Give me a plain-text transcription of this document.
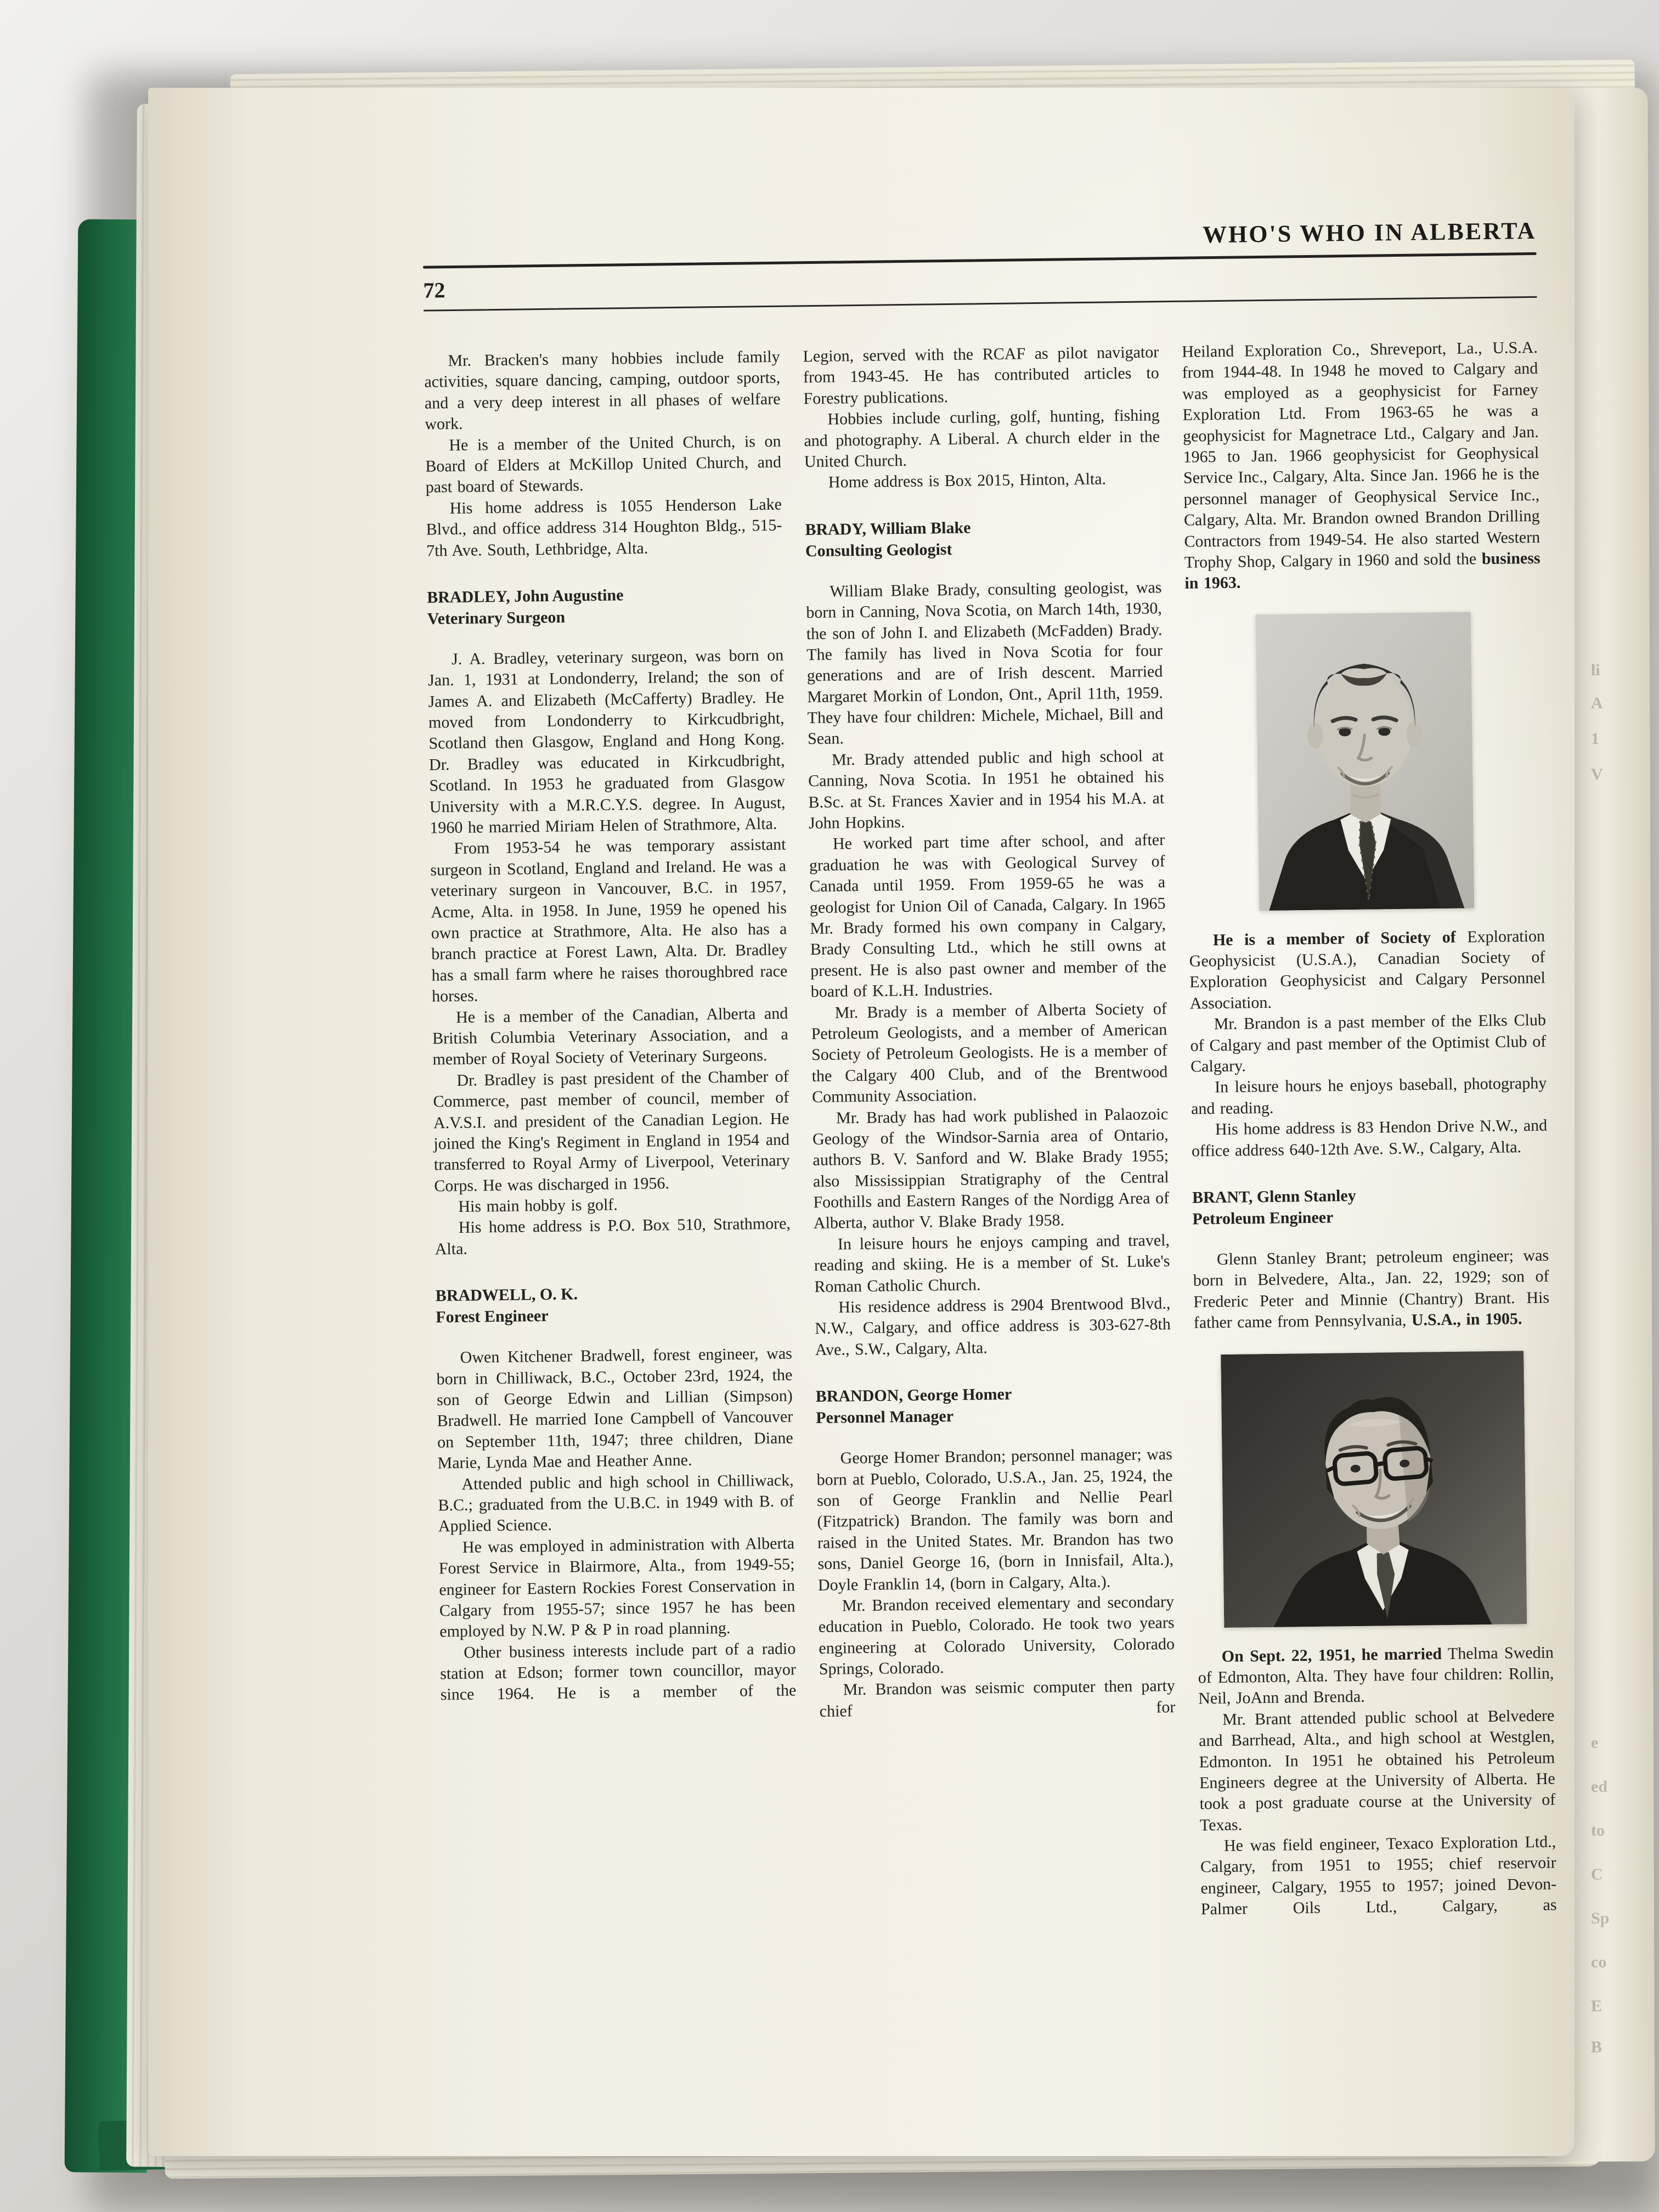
WHO'S WHO IN ALBERTA
72

Mr. Bracken's many hobbies include family activities, square dancing, camping, outdoor sports, and a very deep interest in all phases of welfare work.

He is a member of the United Church, is on Board of Elders at McKillop United Church, and past board of Stewards.

His home address is 1055 Henderson Lake Blvd., and office address 314 Houghton Bldg., 515-7th Ave. South, Lethbridge, Alta.

BRADLEY, John Augustine
Veterinary Surgeon

J. A. Bradley, veterinary surgeon, was born on Jan. 1, 1931 at Londonderry, Ireland; the son of James A. and Elizabeth (McCafferty) Bradley. He moved from Londonderry to Kirkcudbright, Scotland then Glasgow, England and Hong Kong. Dr. Bradley was educated in Kirkcudbright, Scotland. In 1953 he graduated from Glasgow University with a M.R.C.Y.S. degree. In August, 1960 he married Miriam Helen of Strathmore, Alta.

From 1953-54 he was temporary assistant surgeon in Scotland, England and Ireland. He was a veterinary surgeon in Vancouver, B.C. in 1957, Acme, Alta. in 1958. In June, 1959 he opened his own practice at Strathmore, Alta. He also has a branch practice at Forest Lawn, Alta. Dr. Bradley has a small farm where he raises thoroughbred race horses.

He is a member of the Canadian, Alberta and British Columbia Veterinary Association, and a member of Royal Society of Veterinary Surgeons.

Dr. Bradley is past president of the Chamber of Commerce, past member of council, member of A.V.S.I. and president of the Canadian Legion. He joined the King's Regiment in England in 1954 and transferred to Royal Army of Liverpool, Veterinary Corps. He was discharged in 1956.

His main hobby is golf.

His home address is P.O. Box 510, Strathmore, Alta.

BRADWELL, O. K.
Forest Engineer

Owen Kitchener Bradwell, forest engineer, was born in Chilliwack, B.C., October 23rd, 1924, the son of George Edwin and Lillian (Simpson) Bradwell. He married Ione Campbell of Vancouver on September 11th, 1947; three children, Diane Marie, Lynda Mae and Heather Anne.

Attended public and high school in Chilliwack, B.C.; graduated from the U.B.C. in 1949 with B. of Applied Science.

He was employed in administration with Alberta Forest Service in Blairmore, Alta., from 1949-55; engineer for Eastern Rockies Forest Conservation in Calgary from 1955-57; since 1957 he has been employed by N.W. P & P in road planning.

Other business interests include part of a radio station at Edson; former town councillor, mayor since 1964. He is a member of the

Legion, served with the RCAF as pilot navigator from 1943-45. He has contributed articles to Forestry publications.

Hobbies include curling, golf, hunting, fishing and photography. A Liberal. A church elder in the United Church.

Home address is Box 2015, Hinton, Alta.

BRADY, William Blake
Consulting Geologist

William Blake Brady, consulting geologist, was born in Canning, Nova Scotia, on March 14th, 1930, the son of John I. and Elizabeth (McFadden) Brady. The family has lived in Nova Scotia for four generations and are of Irish descent. Married Margaret Morkin of London, Ont., April 11th, 1959. They have four children: Michele, Michael, Bill and Sean.

Mr. Brady attended public and high school at Canning, Nova Scotia. In 1951 he obtained his B.Sc. at St. Frances Xavier and in 1954 his M.A. at John Hopkins.

He worked part time after school, and after graduation he was with Geological Survey of Canada until 1959. From 1959-65 he was a geologist for Union Oil of Canada, Calgary. In 1965 Mr. Brady formed his own company in Calgary, Brady Consulting Ltd., which he still owns at present. He is also past owner and member of the board of K.L.H. Industries.

Mr. Brady is a member of Alberta Society of Petroleum Geologists, and a member of American Society of Petroleum Geologists. He is a member of the Calgary 400 Club, and of the Brentwood Community Association.

Mr. Brady has had work published in Palaozoic Geology of the Windsor-Sarnia area of Ontario, authors B. V. Sanford and W. Blake Brady 1955; also Mississippian Stratigraphy of the Central Foothills and Eastern Ranges of the Nordigg Area of Alberta, author V. Blake Brady 1958.

In leisure hours he enjoys camping and travel, reading and skiing. He is a member of St. Luke's Roman Catholic Church.

His residence address is 2904 Brentwood Blvd., N.W., Calgary, and office address is 303-627-8th Ave., S.W., Calgary, Alta.

BRANDON, George Homer
Personnel Manager

George Homer Brandon; personnel manager; was born at Pueblo, Colorado, U.S.A., Jan. 25, 1924, the son of George Franklin and Nellie Pearl (Fitzpatrick) Brandon. The family was born and raised in the United States. Mr. Brandon has two sons, Daniel George 16, (born in Innisfail, Alta.), Doyle Franklin 14, (born in Calgary, Alta.).

Mr. Brandon received elementary and secondary education in Pueblo, Colorado. He took two years engineering at Colorado University, Colorado Springs, Colorado.

Mr. Brandon was seismic computer then party chief for

Heiland Exploration Co., Shreveport, La., U.S.A. from 1944-48. In 1948 he moved to Calgary and was employed as a geophysicist for Farney Exploration Ltd. From 1963-65 he was a geophysicist for Magnetrace Ltd., Calgary and Jan. 1965 to Jan. 1966 geophysicist for Geophysical Service Inc., Calgary, Alta. Since Jan. 1966 he is the personnel manager of Geophysical Service Inc., Calgary, Alta. Mr. Brandon owned Brandon Drilling Contractors from 1949-54. He also started Western Trophy Shop, Calgary in 1960 and sold the business in 1963.

He is a member of Society of Exploration Geophysicist (U.S.A.), Canadian Society of Exploration Geophysicist and Calgary Personnel Association.

Mr. Brandon is a past member of the Elks Club of Calgary and past member of the Optimist Club of Calgary.

In leisure hours he enjoys baseball, photography and reading.

His home address is 83 Hendon Drive N.W., and office address 640-12th Ave. S.W., Calgary, Alta.

BRANT, Glenn Stanley
Petroleum Engineer

Glenn Stanley Brant; petroleum engineer; was born in Belvedere, Alta., Jan. 22, 1929; son of Frederic Peter and Minnie (Chantry) Brant. His father came from Pennsylvania, U.S.A., in 1905.

On Sept. 22, 1951, he married Thelma Swedin of Edmonton, Alta. They have four children: Rollin, Neil, JoAnn and Brenda.

Mr. Brant attended public school at Belvedere and Barrhead, Alta., and high school at Westglen, Edmonton. In 1951 he obtained his Petroleum Engineers degree at the University of Alberta. He took a post graduate course at the University of Texas.

He was field engineer, Texaco Exploration Ltd., Calgary, from 1951 to 1955; chief reservoir engineer, Calgary, 1955 to 1957; joined Devon-Palmer Oils Ltd., Calgary, as

li
A
1
V
e
ed
to
C
Sp
co
E
B
